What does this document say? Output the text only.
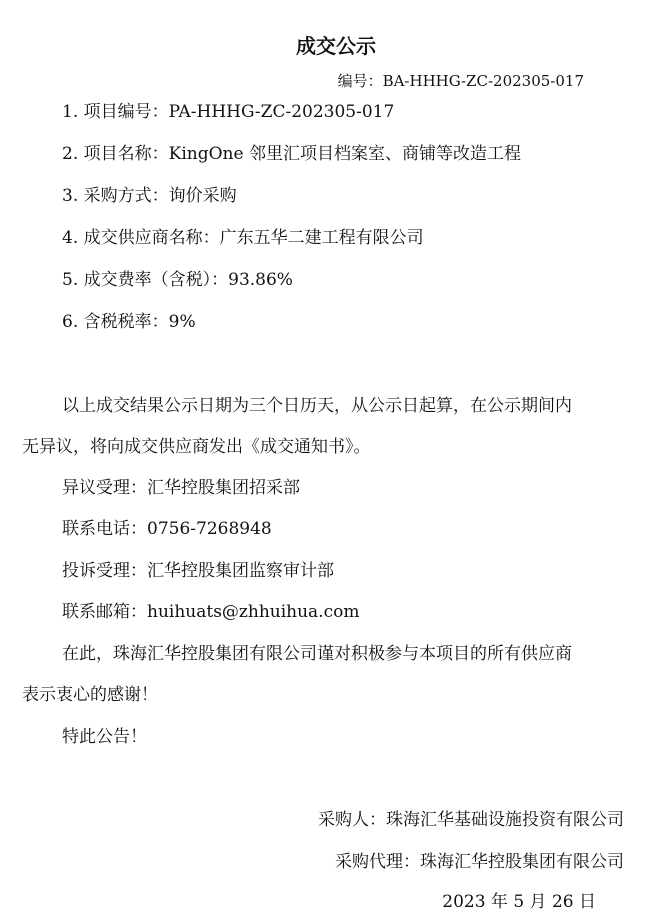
成交公示
编号：BA-HHHG-ZC-202305-017
1. 项目编号：PA-HHHG-ZC-202305-017
2. 项目名称：KingOne 邻里汇项目档案室、商铺等改造工程
3. 采购方式：询价采购
4. 成交供应商名称：广东五华二建工程有限公司
5. 成交费率（含税）：93.86%
6. 含税税率：9%
以上成交结果公示日期为三个日历天，从公示日起算，在公示期间内
无异议，将向成交供应商发出《成交通知书》。
异议受理：汇华控股集团招采部
联系电话：0756-7268948
投诉受理：汇华控股集团监察审计部
联系邮箱：huihuats@zhhuihua.com
在此，珠海汇华控股集团有限公司谨对积极参与本项目的所有供应商
表示衷心的感谢！
特此公告！
采购人：珠海汇华基础设施投资有限公司
采购代理：珠海汇华控股集团有限公司
2023 年 5 月 26 日
